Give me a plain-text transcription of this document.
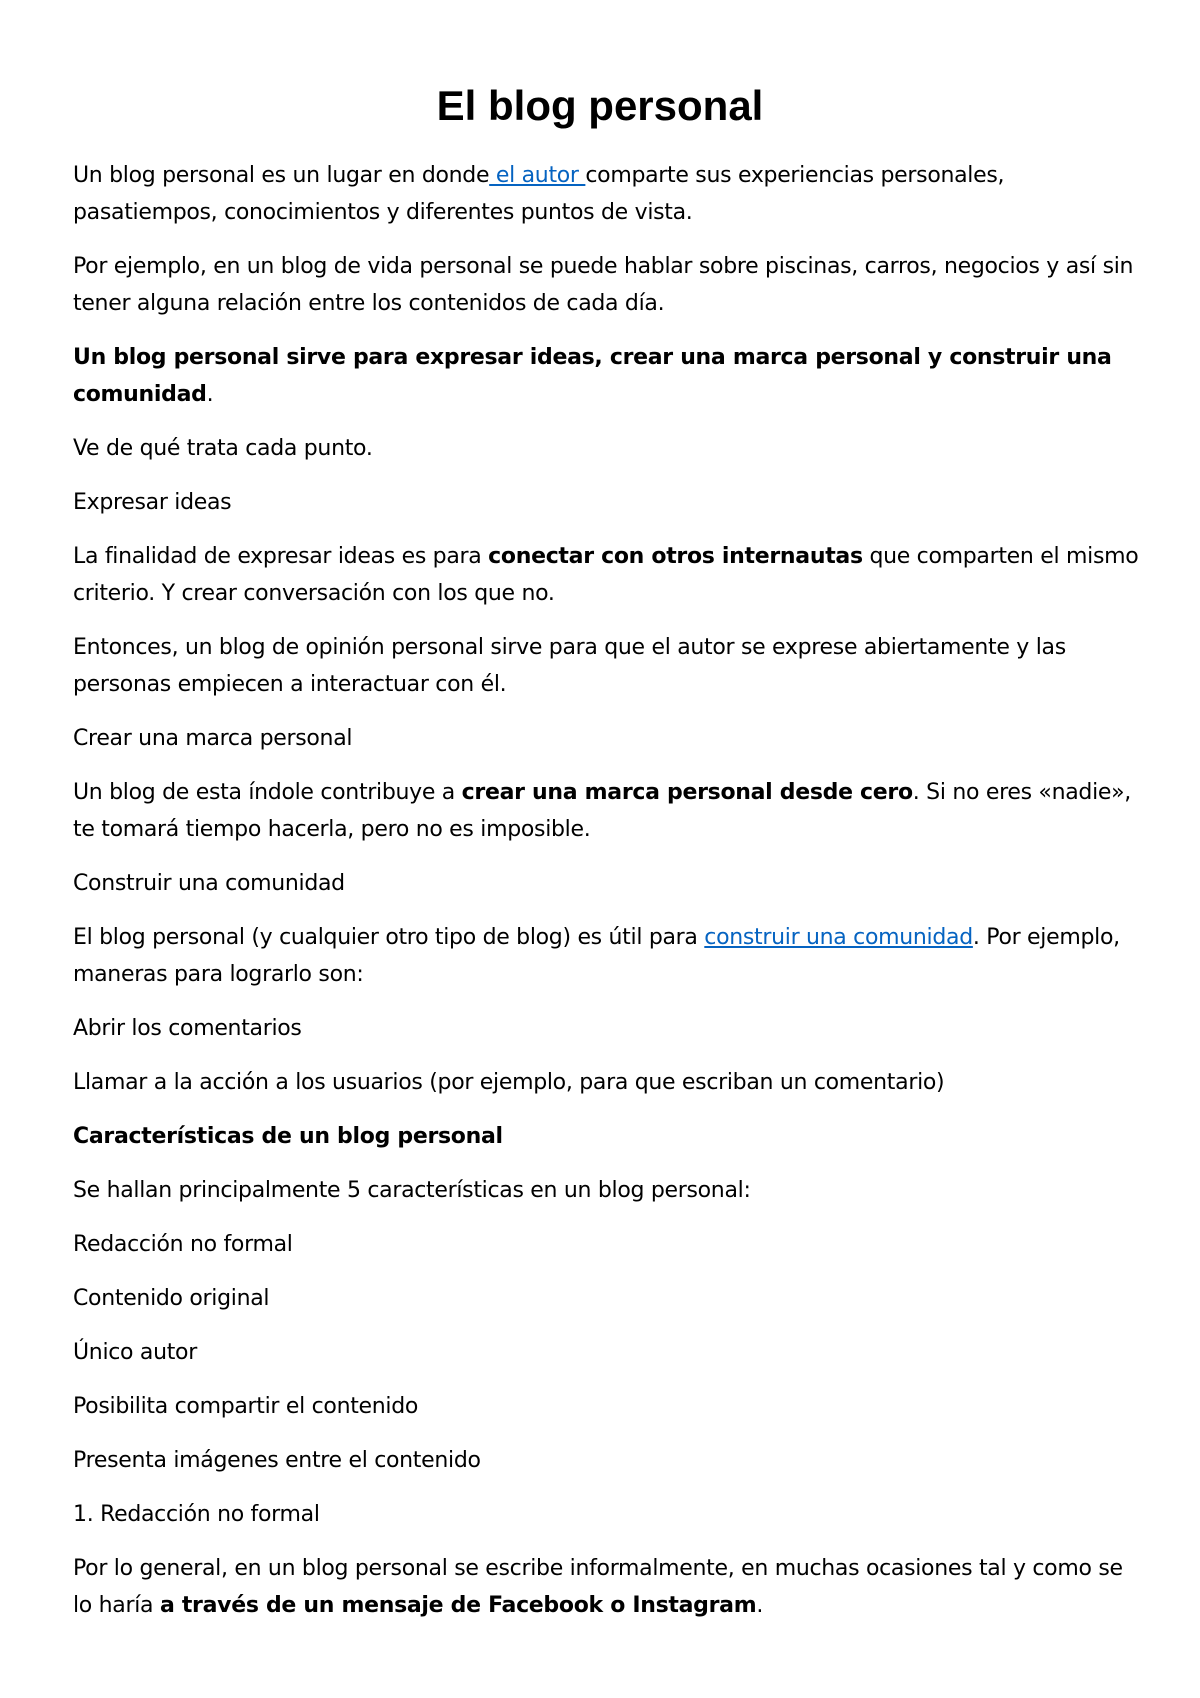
El blog personal

Un blog personal es un lugar en donde el autor comparte sus experiencias personales, pasatiempos, conocimientos y diferentes puntos de vista.

Por ejemplo, en un blog de vida personal se puede hablar sobre piscinas, carros, negocios y así sin tener alguna relación entre los contenidos de cada día.

Un blog personal sirve para expresar ideas, crear una marca personal y construir una comunidad.

Ve de qué trata cada punto.

Expresar ideas

La finalidad de expresar ideas es para conectar con otros internautas que comparten el mismo criterio. Y crear conversación con los que no.

Entonces, un blog de opinión personal sirve para que el autor se exprese abiertamente y las personas empiecen a interactuar con él.

Crear una marca personal

Un blog de esta índole contribuye a crear una marca personal desde cero. Si no eres «nadie», te tomará tiempo hacerla, pero no es imposible.

Construir una comunidad

El blog personal (y cualquier otro tipo de blog) es útil para construir una comunidad. Por ejemplo, maneras para lograrlo son:

Abrir los comentarios

Llamar a la acción a los usuarios (por ejemplo, para que escriban un comentario)

Características de un blog personal

Se hallan principalmente 5 características en un blog personal:

Redacción no formal

Contenido original

Único autor

Posibilita compartir el contenido

Presenta imágenes entre el contenido

1. Redacción no formal

Por lo general, en un blog personal se escribe informalmente, en muchas ocasiones tal y como se lo haría a través de un mensaje de Facebook o Instagram.
